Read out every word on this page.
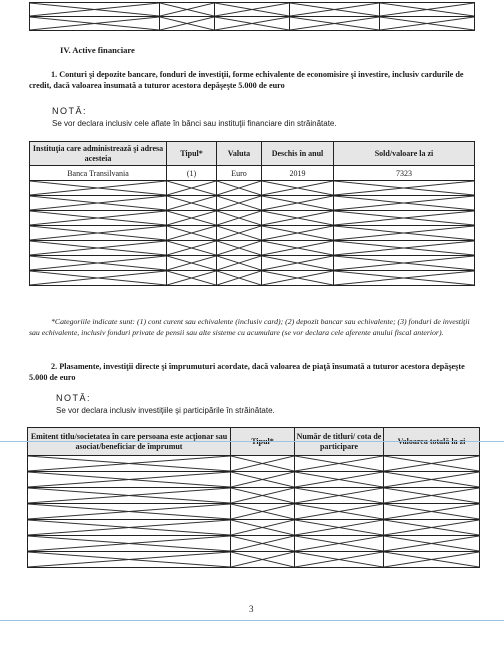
IV. Active financiare
1. Conturi şi depozite bancare, fonduri de investiţii, forme echivalente de economisire şi investire, inclusiv cardurile de credit, dacă valoarea însumată a tuturor acestora depăşeşte 5.000 de euro
NOTĂ:
Se vor declara inclusiv cele aflate în bănci sau instituţii financiare din străinătate.
Instituţia care administrează şi adresa acesteia	Tipul*	Valuta	Deschis în anul	Sold/valoare la zi
Banca Transilvania	(1)	Euro	2019	7323

*Categoriile indicate sunt: (1) cont curent sau echivalente (inclusiv card); (2) depozit bancar sau echivalente; (3) fonduri de investiţii sau echivalente, inclusiv fonduri private de pensii sau alte sisteme cu acumulare (se vor declara cele aferente anului fiscal anterior).
2. Plasamente, investiţii directe şi împrumuturi acordate, dacă valoarea de piaţă însumată a tuturor acestora depăşeşte 5.000 de euro
NOTĂ:
Se vor declara inclusiv investiţiile şi participările în străinătate.
Emitent titlu/societatea în care persoana este acţionar sau asociat/beneficiar de împrumut	Tipul*	Număr de titluri/ cota de participare	Valoarea totală la zi

3
